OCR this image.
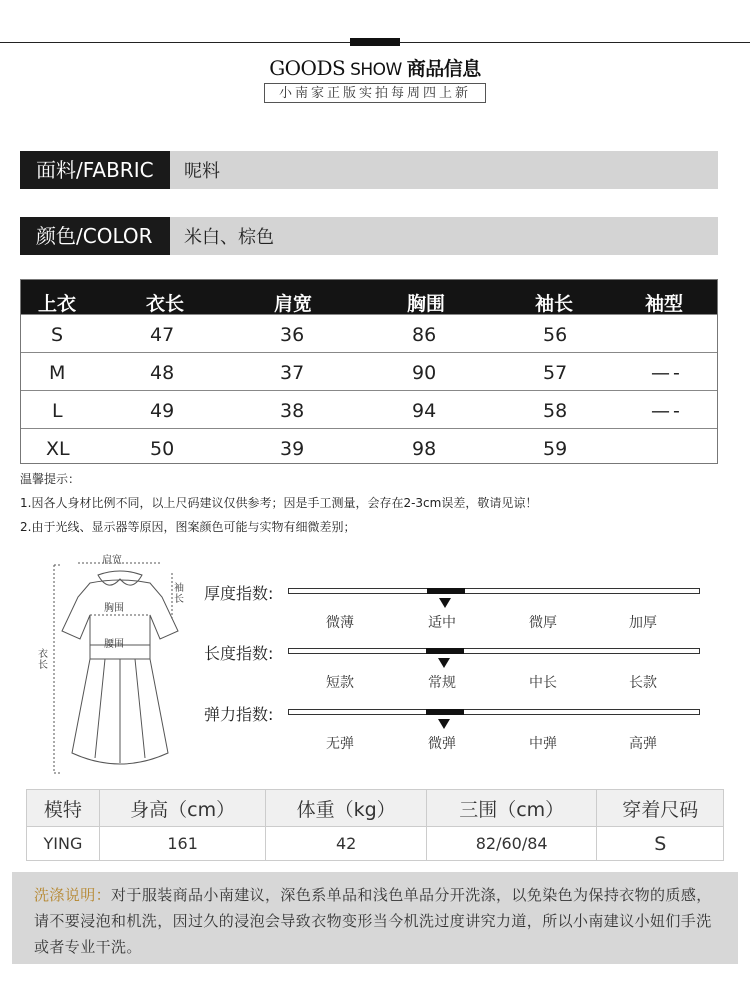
GOODS SHOW 商品信息
小南家正版实拍每周四上新
面料/FABRIC	呢料
颜色/COLOR	米白、棕色
上衣	衣长	肩宽	胸围	袖长	袖型
S	47	36	86	56
M	48	37	90	57	—-
L	49	38	94	58	—-
XL	50	39	98	59
温馨提示：
1.因各人身材比例不同，以上尺码建议仅供参考；因是手工测量，会存在2-3cm误差，敬请见谅！
2.由于光线、显示器等原因，图案颜色可能与实物有细微差别；
肩宽
袖长
胸围
腰围
衣长
厚度指数:
微薄	适中	微厚	加厚
长度指数:
短款	常规	中长	长款
弹力指数:
无弹	微弹	中弹	高弹
模特	身高（cm）	体重（kg）	三围（cm）	穿着尺码
YING	161	42	82/60/84	S
洗涤说明：对于服装商品小南建议，深色系单品和浅色单品分开洗涤，以免染色为保持衣物的质感，请不要浸泡和机洗，因过久的浸泡会导致衣物变形当今机洗过度讲究力道，所以小南建议小妞们手洗或者专业干洗。
